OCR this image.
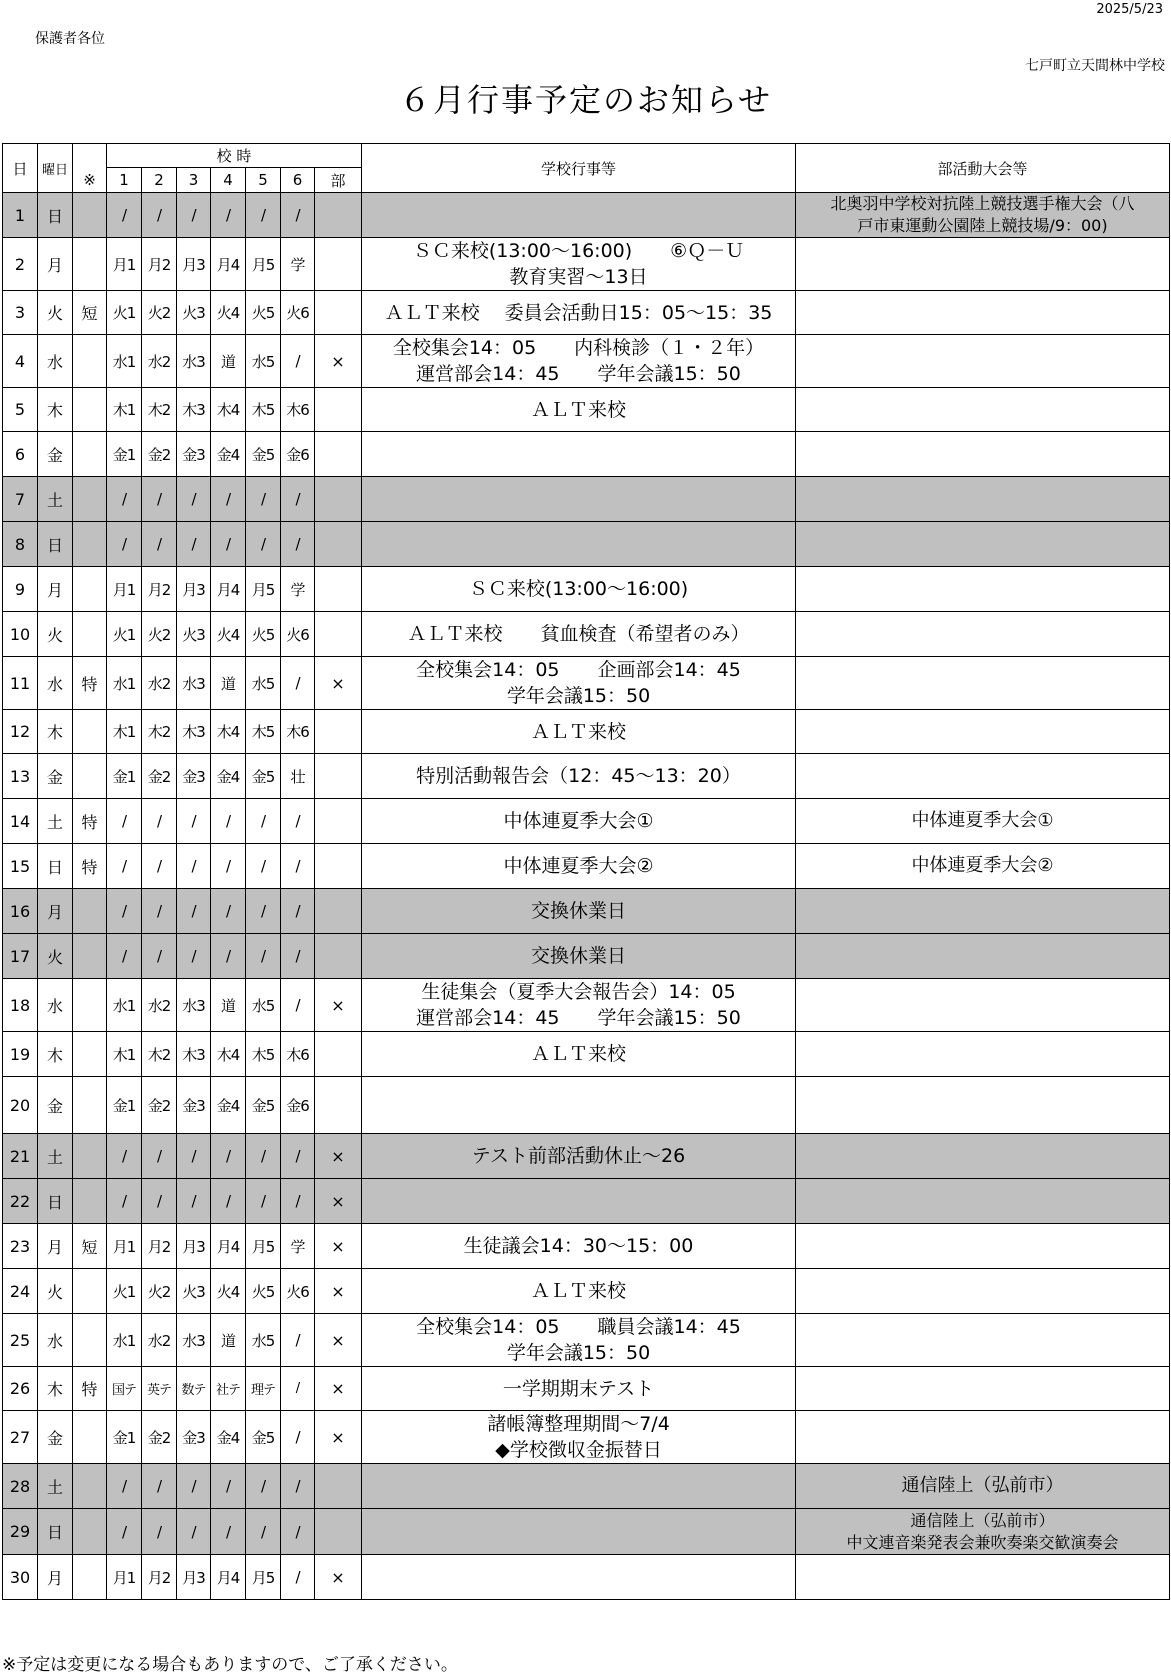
2025/5/23
保護者各位
七戸町立天間林中学校
６月行事予定のお知らせ
日	曜日		校 時							学校行事等	部活動大会等
		※	1	2	3	4	5	6	部		
1	日		/	/	/	/	/	/			北奥羽中学校対抗陸上競技選手権大会（八
戸市東運動公園陸上競技場/9：00)

2	月		月1	月2	月3	月4	月5	学		ＳＣ来校(13:00～16:00)　　⑥Ｑ－Ｕ
教育実習～13日	

3	火	短	火1	火2	火3	火4	火5	火6		ＡＬＴ来校　 委員会活動日15：05～15：35	

4	水		水1	水2	水3	道	水5	/	×	全校集会14：05　　内科検診（１・２年）
運営部会14：45　　学年会議15：50	

5	木		木1	木2	木3	木4	木5	木6		ＡＬＴ来校	

6	金		金1	金2	金3	金4	金5	金6		

7	土		/	/	/	/	/	/		

8	日		/	/	/	/	/	/		

9	月		月1	月2	月3	月4	月5	学		ＳＣ来校(13:00～16:00)	

10	火		火1	火2	火3	火4	火5	火6		ＡＬＴ来校　　貧血検査（希望者のみ）	

11	水	特	水1	水2	水3	道	水5	/	×	全校集会14：05　　企画部会14：45
学年会議15：50	

12	木		木1	木2	木3	木4	木5	木6		ＡＬＴ来校	

13	金		金1	金2	金3	金4	金5	壮		特別活動報告会（12：45～13：20）	

14	土	特	/	/	/	/	/	/		中体連夏季大会①	中体連夏季大会①

15	日	特	/	/	/	/	/	/		中体連夏季大会②	中体連夏季大会②

16	月		/	/	/	/	/	/		交換休業日	

17	火		/	/	/	/	/	/		交換休業日	

18	水		水1	水2	水3	道	水5	/	×	生徒集会（夏季大会報告会）14：05
運営部会14：45　　学年会議15：50	

19	木		木1	木2	木3	木4	木5	木6		ＡＬＴ来校	

20	金		金1	金2	金3	金4	金5	金6		

21	土		/	/	/	/	/	/	×	テスト前部活動休止～26	

22	日		/	/	/	/	/	/	×	

23	月	短	月1	月2	月3	月4	月5	学	×	生徒議会14：30～15：00	

24	火		火1	火2	火3	火4	火5	火6	×	ＡＬＴ来校	

25	水		水1	水2	水3	道	水5	/	×	全校集会14：05　　職員会議14：45
学年会議15：50	

26	木	特	国テ	英テ	数テ	社テ	理テ	/	×	一学期期末テスト	

27	金		金1	金2	金3	金4	金5	/	×	諸帳簿整理期間～7/4
◆学校徴収金振替日	

28	土		/	/	/	/	/	/			通信陸上（弘前市）

29	日		/	/	/	/	/	/			通信陸上（弘前市）
中文連音楽発表会兼吹奏楽交歓演奏会

30	月		月1	月2	月3	月4	月5	/	×	

※予定は変更になる場合もありますので、ご了承ください。
